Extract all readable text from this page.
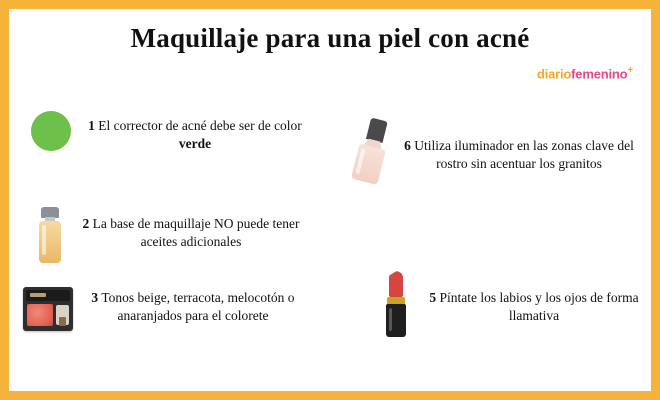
Maquillaje para una piel con acné
diariofemenino+
1 El corrector de acné debe ser de color verde
2 La base de maquillaje NO puede tener aceites adicionales
3 Tonos beige, terracota, melocotón o anaranjados para el colorete
6 Utiliza iluminador en las zonas clave del rostro sin acentuar los granitos
5 Píntate los labios y los ojos de forma llamativa
